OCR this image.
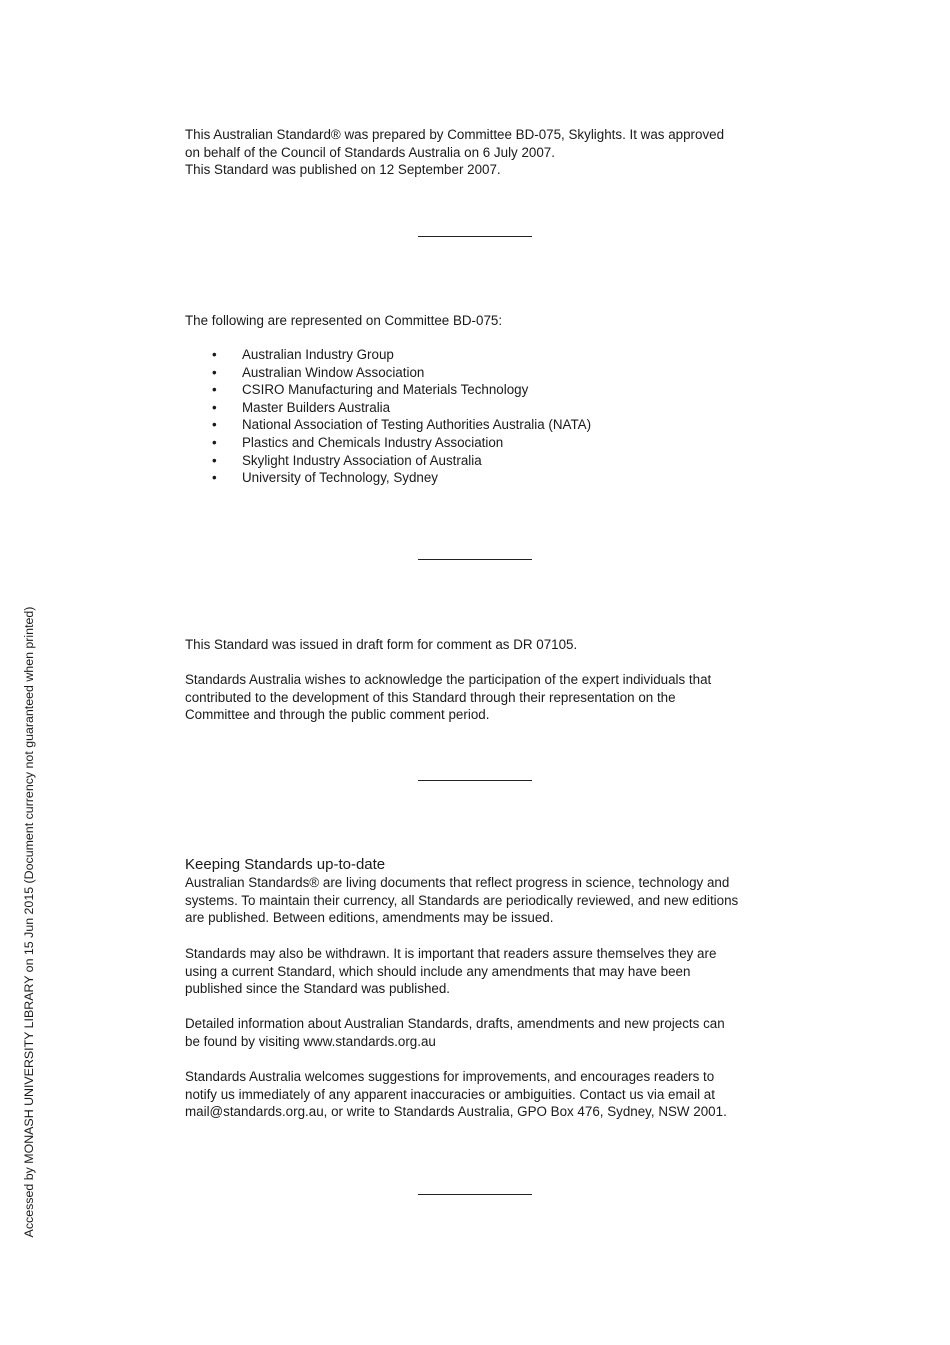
This Australian Standard® was prepared by Committee BD-075, Skylights. It was approved

on behalf of the Council of Standards Australia on 6 July 2007.

This Standard was published on 12 September 2007.

The following are represented on Committee BD-075:

• Australian Industry Group
• Australian Window Association
• CSIRO Manufacturing and Materials Technology
• Master Builders Australia
• National Association of Testing Authorities Australia (NATA)
• Plastics and Chemicals Industry Association
• Skylight Industry Association of Australia
• University of Technology, Sydney

This Standard was issued in draft form for comment as DR 07105.

Standards Australia wishes to acknowledge the participation of the expert individuals that

contributed to the development of this Standard through their representation on the

Committee and through the public comment period.

Keeping Standards up-to-date

Australian Standards® are living documents that reflect progress in science, technology and

systems. To maintain their currency, all Standards are periodically reviewed, and new editions

are published. Between editions, amendments may be issued.

Standards may also be withdrawn. It is important that readers assure themselves they are

using a current Standard, which should include any amendments that may have been

published since the Standard was published.

Detailed information about Australian Standards, drafts, amendments and new projects can

be found by visiting www.standards.org.au

Standards Australia welcomes suggestions for improvements, and encourages readers to

notify us immediately of any apparent inaccuracies or ambiguities. Contact us via email at

mail@standards.org.au, or write to Standards Australia, GPO Box 476, Sydney, NSW 2001.

Accessed by MONASH UNIVERSITY LIBRARY on 15 Jun 2015 (Document currency not guaranteed when printed)
